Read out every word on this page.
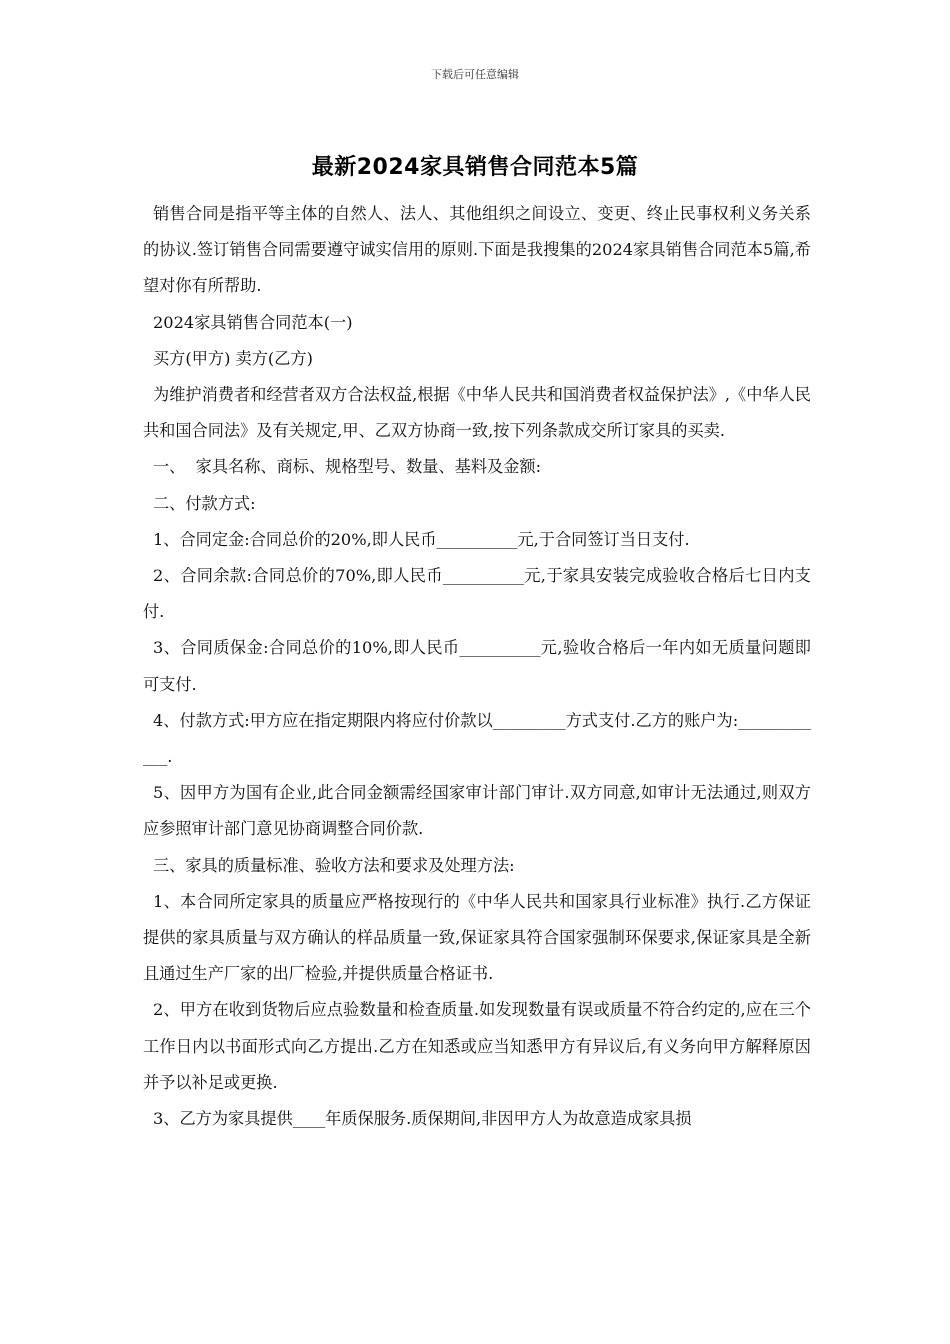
下载后可任意编辑
最新2024家具销售合同范本5篇

销售合同是指平等主体的自然人、法人、其他组织之间设立、变更、终止民事权利义务关系的协议.签订销售合同需要遵守诚实信用的原则.下面是我搜集的2024家具销售合同范本5篇,希望对你有所帮助.

2024家具销售合同范本(一)

买方(甲方) 卖方(乙方)

为维护消费者和经营者双方合法权益,根据《中华人民共和国消费者权益保护法》,《中华人民共和国合同法》及有关规定,甲、乙双方协商一致,按下列条款成交所订家具的买卖.

一、  家具名称、商标、规格型号、数量、基料及金额:

二、付款方式:

1、合同定金:合同总价的20%,即人民币__________元,于合同签订当日支付.

2、合同余款:合同总价的70%,即人民币__________元,于家具安装完成验收合格后七日内支付.

3、合同质保金:合同总价的10%,即人民币__________元,验收合格后一年内如无质量问题即可支付.

4、付款方式:甲方应在指定期限内将应付价款以_________方式支付.乙方的账户为:____________.

5、因甲方为国有企业,此合同金额需经国家审计部门审计.双方同意,如审计无法通过,则双方应参照审计部门意见协商调整合同价款.

三、家具的质量标准、验收方法和要求及处理方法:

1、本合同所定家具的质量应严格按现行的《中华人民共和国家具行业标准》执行.乙方保证提供的家具质量与双方确认的样品质量一致,保证家具符合国家强制环保要求,保证家具是全新且通过生产厂家的出厂检验,并提供质量合格证书.

2、甲方在收到货物后应点验数量和检查质量.如发现数量有误或质量不符合约定的,应在三个工作日内以书面形式向乙方提出.乙方在知悉或应当知悉甲方有异议后,有义务向甲方解释原因并予以补足或更换.

3、乙方为家具提供____年质保服务.质保期间,非因甲方人为故意造成家具损
